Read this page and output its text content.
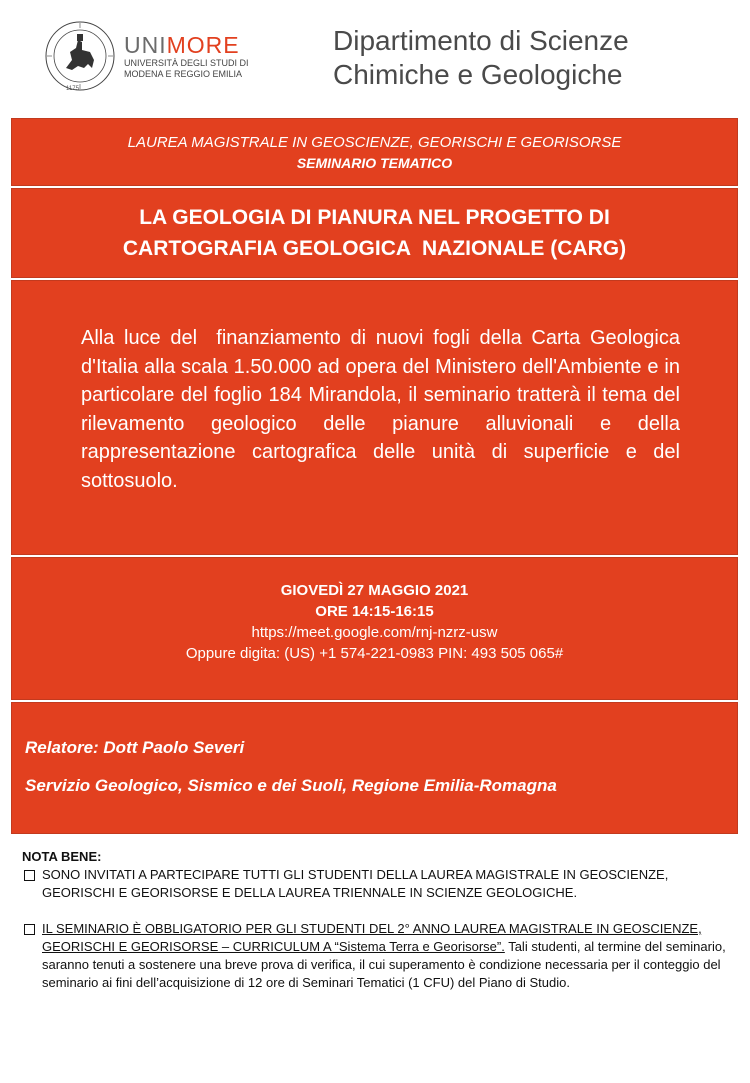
1175
UNIMORE
UNIVERSITÀ DEGLI STUDI DI
MODENA E REGGIO EMILIA
Dipartimento di Scienze
Chimiche e Geologiche
LAUREA MAGISTRALE IN GEOSCIENZE, GEORISCHI E GEORISORSE
SEMINARIO TEMATICO
LA GEOLOGIA DI PIANURA NEL PROGETTO DI
CARTOGRAFIA GEOLOGICA  NAZIONALE (CARG)
Alla luce del  finanziamento di nuovi fogli della Carta Geologica d'Italia alla scala 1.50.000 ad opera del Ministero dell'Ambiente e in particolare del foglio 184 Mirandola, il seminario tratterà il tema del rilevamento geologico delle pianure alluvionali e della rappresentazione cartografica delle unità di superficie e del sottosuolo.
GIOVEDÌ 27 MAGGIO 2021
ORE 14:15-16:15
https://meet.google.com/rnj-nzrz-usw
Oppure digita: (US) +1 574-221-0983 PIN: 493 505 065#
Relatore: Dott Paolo Severi
Servizio Geologico, Sismico e dei Suoli, Regione Emilia-Romagna
NOTA BENE:
SONO INVITATI A PARTECIPARE TUTTI GLI STUDENTI DELLA LAUREA MAGISTRALE IN GEOSCIENZE, GEORISCHI E GEORISORSE E DELLA LAUREA TRIENNALE IN SCIENZE GEOLOGICHE.
IL SEMINARIO È OBBLIGATORIO PER GLI STUDENTI DEL 2° ANNO LAUREA MAGISTRALE IN GEOSCIENZE, GEORISCHI E GEORISORSE – CURRICULUM A “Sistema Terra e Georisorse”. Tali studenti, al termine del seminario, saranno tenuti a sostenere una breve prova di verifica, il cui superamento è condizione necessaria per il conteggio del seminario ai fini dell’acquisizione di 12 ore di Seminari Tematici (1 CFU) del Piano di Studio.
